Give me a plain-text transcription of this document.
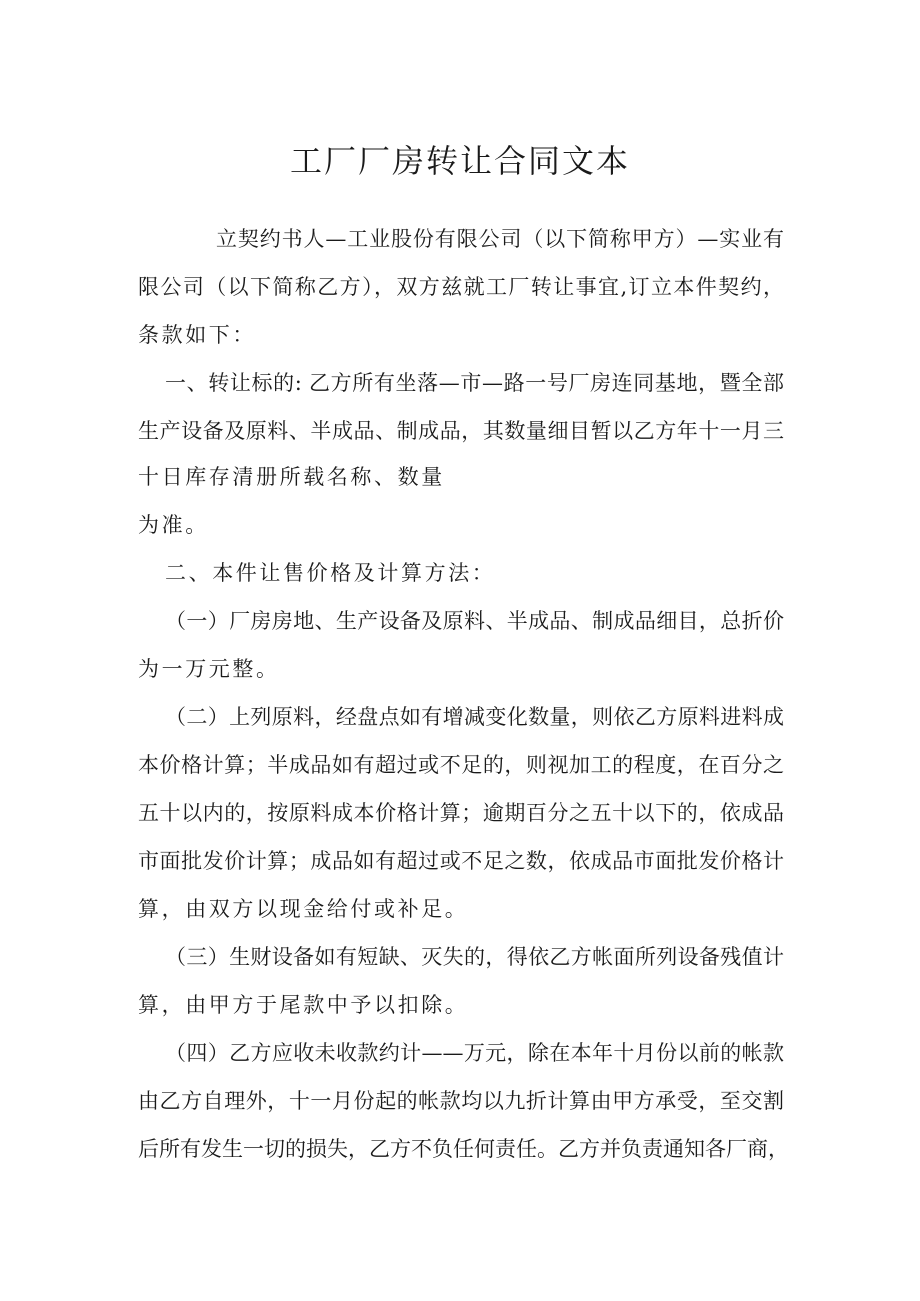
工厂厂房转让合同文本
立契约书人—工业股份有限公司（以下简称甲方）—实业有
限公司（以下简称乙方），双方兹就工厂转让事宜,订立本件契约，
条款如下：
一、转让标的: 乙方所有坐落—市—路一号厂房连同基地，暨全部
生产设备及原料、半成品、制成品，其数量细目暂以乙方年十一月三
十日库存清册所载名称、数量
为准。
二、本件让售价格及计算方法：
（一）厂房房地、生产设备及原料、半成品、制成品细目，总折价
为一万元整。
（二）上列原料，经盘点如有增减变化数量，则依乙方原料进料成
本价格计算；半成品如有超过或不足的，则视加工的程度，在百分之
五十以内的，按原料成本价格计算；逾期百分之五十以下的，依成品
市面批发价计算；成品如有超过或不足之数，依成品市面批发价格计
算，由双方以现金给付或补足。
（三）生财设备如有短缺、灭失的，得依乙方帐面所列设备残值计
算，由甲方于尾款中予以扣除。
（四）乙方应收未收款约计——万元，除在本年十月份以前的帐款
由乙方自理外，十一月份起的帐款均以九折计算由甲方承受，至交割
后所有发生一切的损失，乙方不负任何责任。乙方并负责通知各厂商，
